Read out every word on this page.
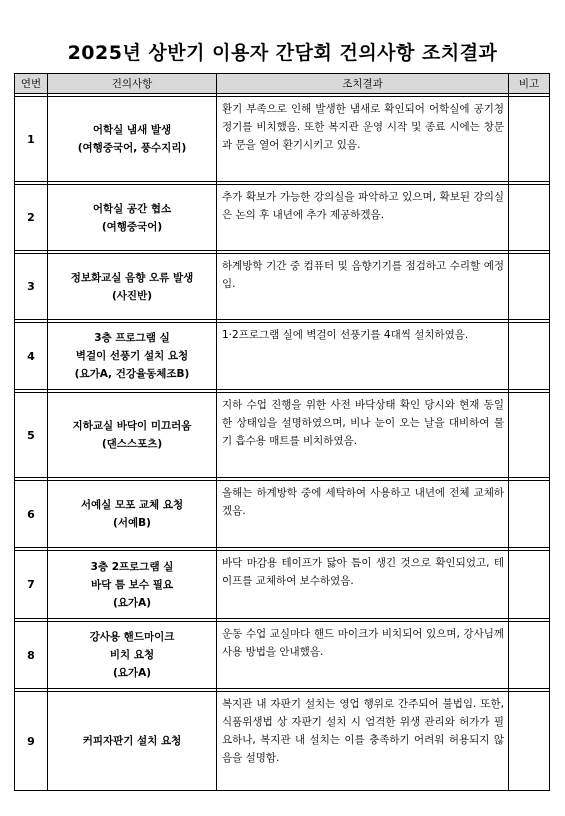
2025년 상반기 이용자 간담회 건의사항 조치결과
연번	건의사항	조치결과	비고

1	어학실 냄새 발생
(여행중국어, 풍수지리)	환기 부족으로 인해 발생한 냄새로 확인되어 어학실에 공기청정기를 비치했음. 또한 복지관 운영 시작 및 종료 시에는 창문과 문을 열어 환기시키고 있음.	

2	어학실 공간 협소
(여행중국어)	추가 확보가 가능한 강의실을 파악하고 있으며, 확보된 강의실은 논의 후 내년에 추가 제공하겠음.	

3	정보화교실 음향 오류 발생
(사진반)	하계방학 기간 중 컴퓨터 및 음향기기를 점검하고 수리할 예정임.	

4	3층 프로그램 실
벽걸이 선풍기 설치 요청
(요가A, 건강율동체조B)	1·2프로그램 실에 벽걸이 선풍기를 4대씩 설치하였음.	

5	지하교실 바닥이 미끄러움
(댄스스포츠)	지하 수업 진행을 위한 사전 바닥상태 확인 당시와 현재 동일한 상태임을 설명하였으며, 비나 눈이 오는 날을 대비하여 물기 흡수용 매트를 비치하였음.	

6	서예실 모포 교체 요청
(서예B)	올해는 하계방학 중에 세탁하여 사용하고 내년에 전체 교체하겠음.	

7	3층 2프로그램 실
바닥 틈 보수 필요
(요가A)	바닥 마감용 테이프가 닳아 틈이 생긴 것으로 확인되었고, 테이프를 교체하여 보수하였음.	

8	강사용 핸드마이크
비치 요청
(요가A)	운동 수업 교실마다 핸드 마이크가 비치되어 있으며, 강사님께 사용 방법을 안내했음.	

9	커피자판기 설치 요청	복지관 내 자판기 설치는 영업 행위로 간주되어 불법임. 또한, 식품위생법 상 자판기 설치 시 엄격한 위생 관리와 허가가 필요하나, 복지관 내 설치는 이를 충족하기 어려워 허용되지 않음을 설명함.	
